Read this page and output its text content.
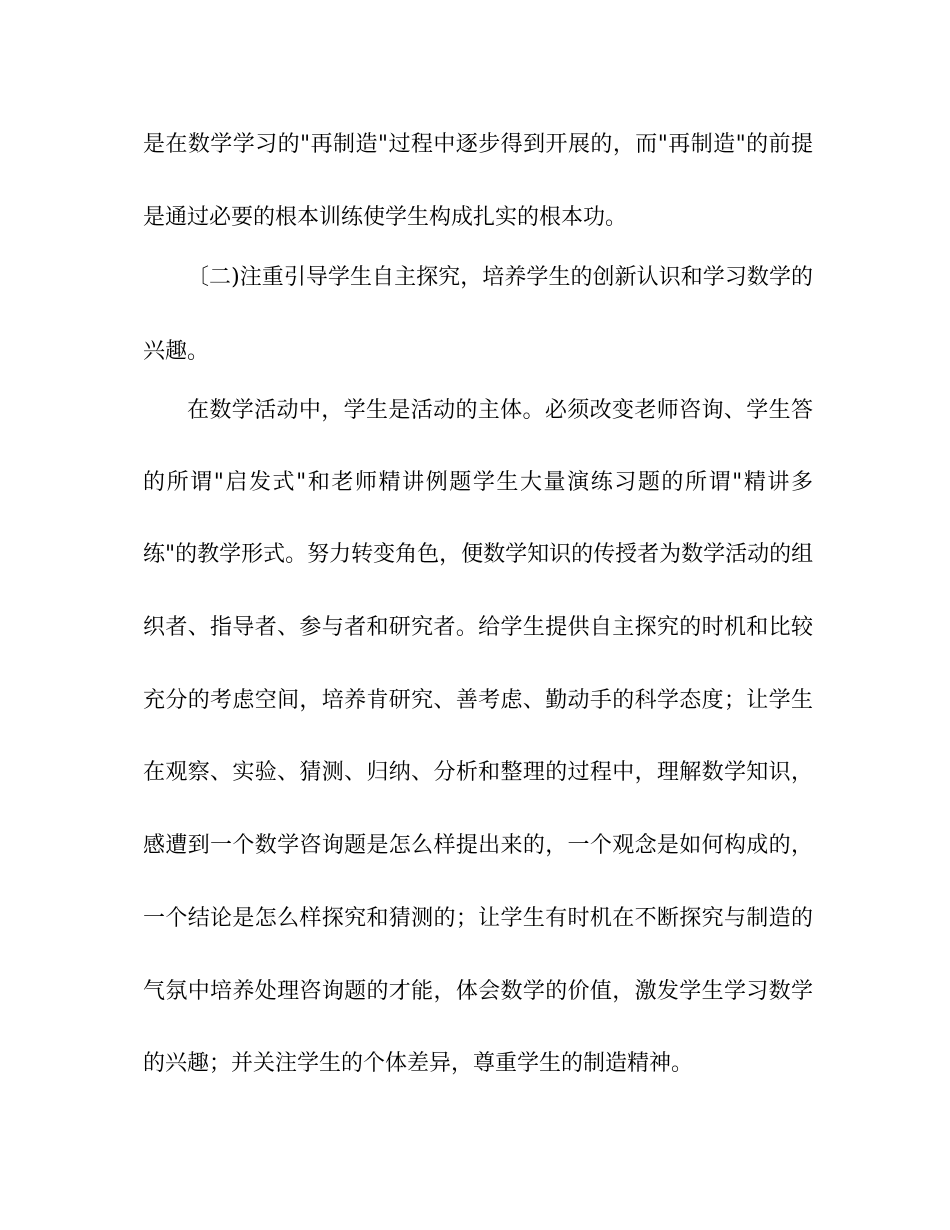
是在数学学习的"再制造"过程中逐步得到开展的，而"再制造"的前提
是通过必要的根本训练使学生构成扎实的根本功。
〔二)注重引导学生自主探究，培养学生的创新认识和学习数学的
兴趣。
在数学活动中，学生是活动的主体。必须改变老师咨询、学生答
的所谓"启发式"和老师精讲例题学生大量演练习题的所谓"精讲多
练"的教学形式。努力转变角色，便数学知识的传授者为数学活动的组
织者、指导者、参与者和研究者。给学生提供自主探究的时机和比较
充分的考虑空间，培养肯研究、善考虑、勤动手的科学态度；让学生
在观察、实验、猜测、归纳、分析和整理的过程中，理解数学知识，
感遭到一个数学咨询题是怎么样提出来的，一个观念是如何构成的，
一个结论是怎么样探究和猜测的；让学生有时机在不断探究与制造的
气氛中培养处理咨询题的才能，体会数学的价值，激发学生学习数学
的兴趣；并关注学生的个体差异，尊重学生的制造精神。
